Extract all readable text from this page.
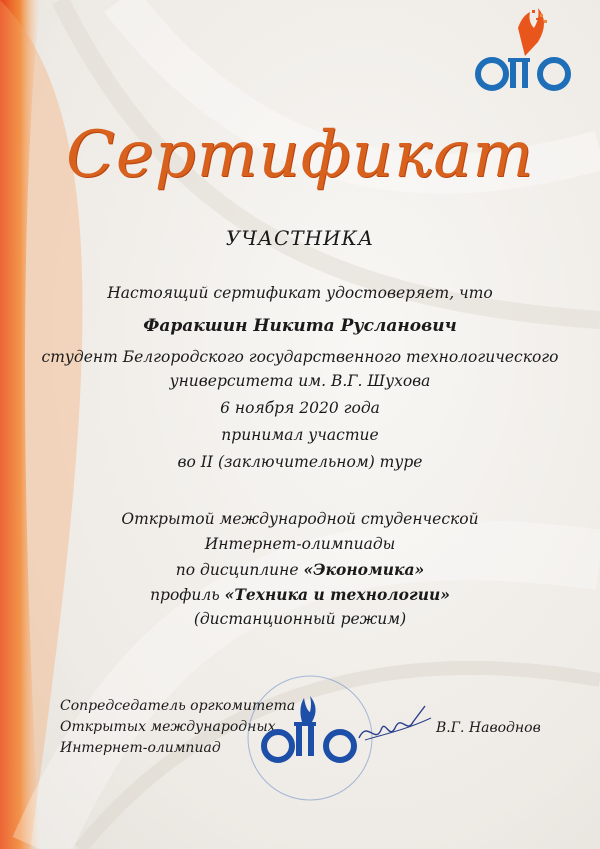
Сертификат
УЧАСТНИКА
Настоящий сертификат удостоверяет, что
Фаракшин Никита Русланович
студент Белгородского государственного технологического
университета им. В.Г. Шухова
6 ноября 2020 года
принимал участие
во II (заключительном) туре
Открытой международной студенческой
Интернет-олимпиады
по дисциплине «Экономика»
профиль «Техника и технологии»
(дистанционный режим)
Сопредседатель оргкомитета
Открытых международных
Интернет-олимпиад
В.Г. Наводнов
